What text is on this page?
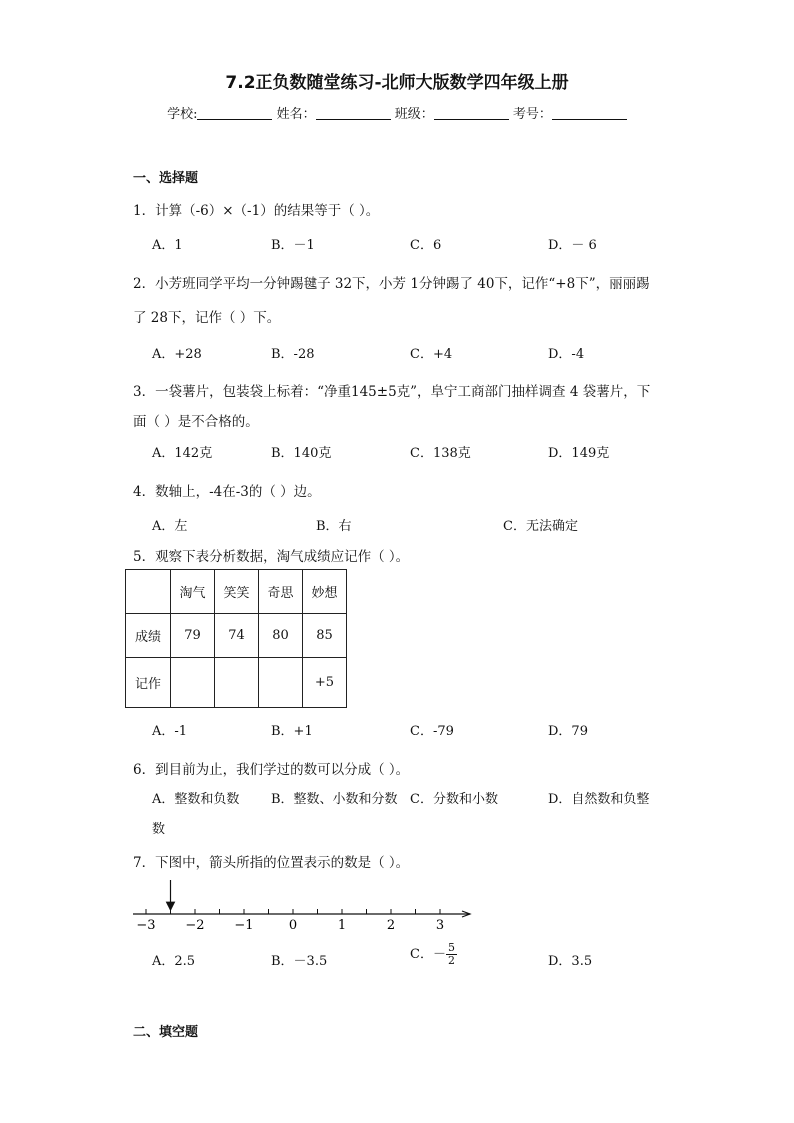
7.2正负数随堂练习-北师大版数学四年级上册
学校:	姓名：	班级：	考号：
一、选择题
1．计算（-6）×（-1）的结果等于（ ）。
A．1	B．－1	C．6	D．－ 6
2．小芳班同学平均一分钟踢毽子 32下，小芳 1分钟踢了 40下，记作“+8下”，丽丽踢
了 28下，记作（ ）下。
A．+28	B．-28	C．+4	D．-4
3．一袋薯片，包装袋上标着：“净重145±5克”，阜宁工商部门抽样调查 4 袋薯片，下
面（ ）是不合格的。
A．142克	B．140克	C．138克	D．149克
4．数轴上，-4在-3的（ ）边。
A．左	B．右	C．无法确定
5．观察下表分析数据，淘气成绩应记作（ ）。
	淘气	笑笑	奇思	妙想
成绩	79	74	80	85
记作				+5
A．-1	B．+1	C．-79	D．79
6．到目前为止，我们学过的数可以分成（ ）。
A．整数和负数 B．整数、小数和分数 C．分数和小数	D．自然数和负整
数
7．下图中，箭头所指的位置表示的数是（ ）。
−3 −2 −1	0	1	2	3
A．2.5	B．－3.5	C．－ $\frac{5}{2}$	D．3.5
二、填空题
